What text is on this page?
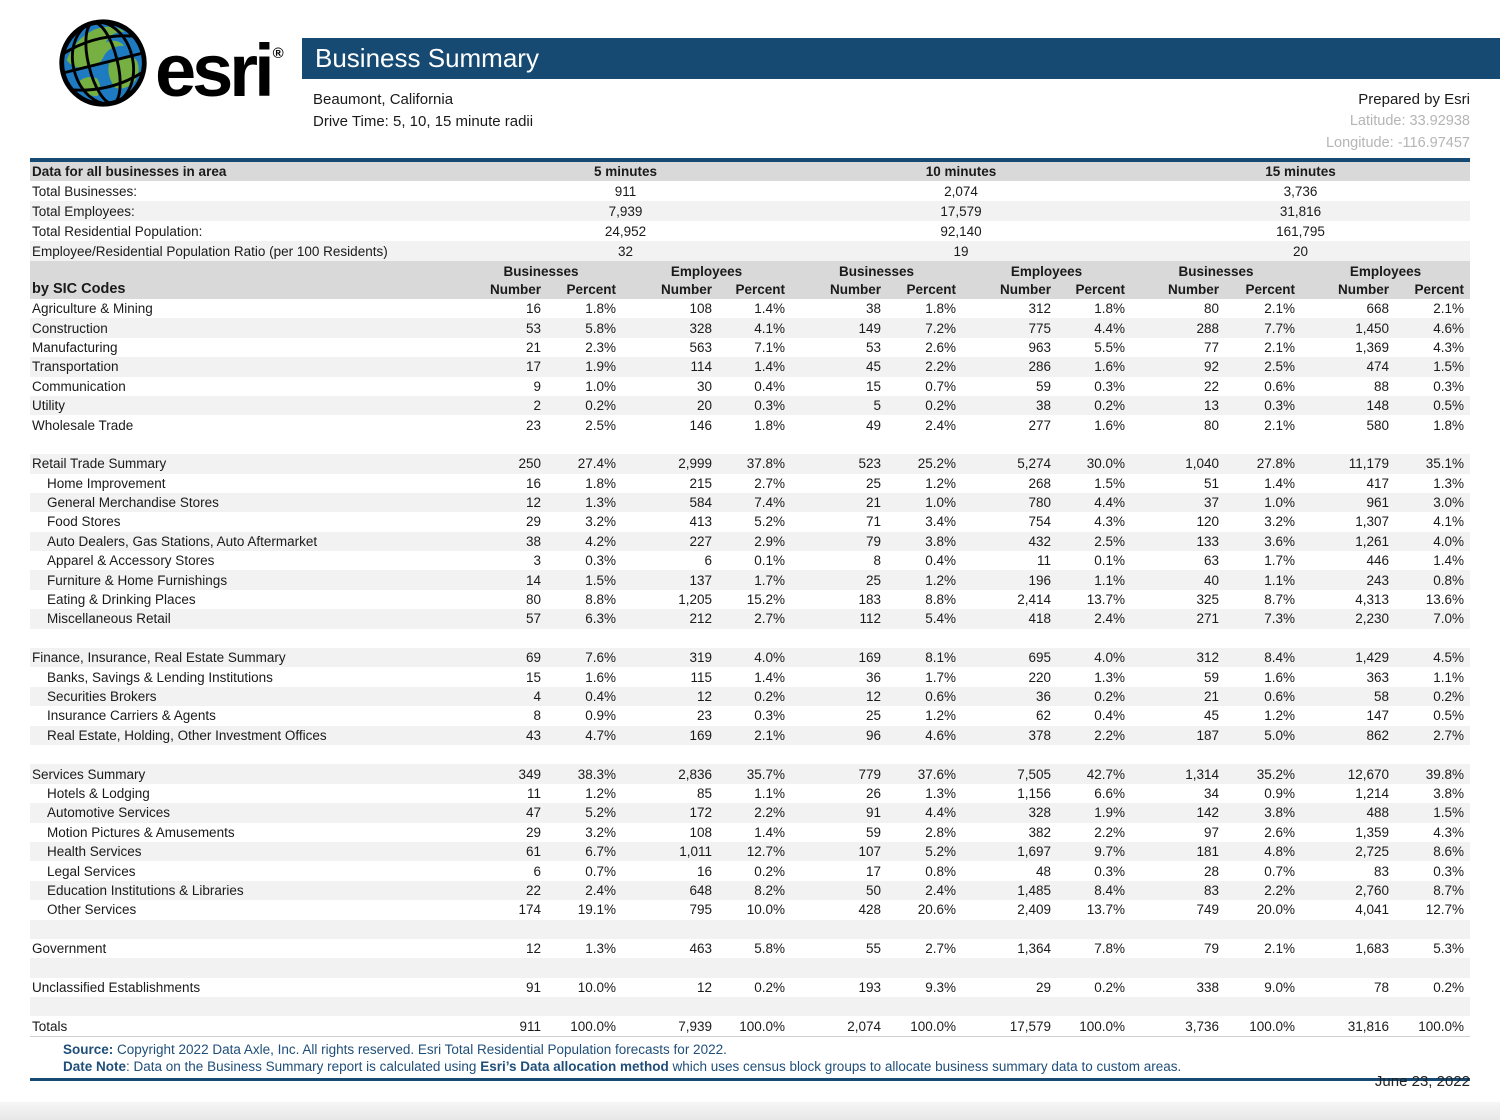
esri ® Business Summary
Beaumont, California
Drive Time: 5, 10, 15 minute radii
Prepared by Esri
Latitude: 33.92938
Longitude: -116.97457
Data for all businesses in area	5 minutes	10 minutes	15 minutes
Total Businesses:	911	2,074	3,736
Total Employees:	7,939	17,579	31,816
Total Residential Population:	24,952	92,140	161,795
Employee/Residential Population Ratio (per 100 Residents)	32	19	20
Businesses	Employees	Businesses	Employees	Businesses	Employees
by SIC Codes	Number	Percent	Number	Percent	Number	Percent	Number	Percent	Number	Percent	Number	Percent
Agriculture & Mining	16	1.8%	108	1.4%	38	1.8%	312	1.8%	80	2.1%	668	2.1%
Construction	53	5.8%	328	4.1%	149	7.2%	775	4.4%	288	7.7%	1,450	4.6%
Manufacturing	21	2.3%	563	7.1%	53	2.6%	963	5.5%	77	2.1%	1,369	4.3%
Transportation	17	1.9%	114	1.4%	45	2.2%	286	1.6%	92	2.5%	474	1.5%
Communication	9	1.0%	30	0.4%	15	0.7%	59	0.3%	22	0.6%	88	0.3%
Utility	2	0.2%	20	0.3%	5	0.2%	38	0.2%	13	0.3%	148	0.5%
Wholesale Trade	23	2.5%	146	1.8%	49	2.4%	277	1.6%	80	2.1%	580	1.8%
Retail Trade Summary	250	27.4%	2,999	37.8%	523	25.2%	5,274	30.0%	1,040	27.8%	11,179	35.1%
Home Improvement	16	1.8%	215	2.7%	25	1.2%	268	1.5%	51	1.4%	417	1.3%
General Merchandise Stores	12	1.3%	584	7.4%	21	1.0%	780	4.4%	37	1.0%	961	3.0%
Food Stores	29	3.2%	413	5.2%	71	3.4%	754	4.3%	120	3.2%	1,307	4.1%
Auto Dealers, Gas Stations, Auto Aftermarket	38	4.2%	227	2.9%	79	3.8%	432	2.5%	133	3.6%	1,261	4.0%
Apparel & Accessory Stores	3	0.3%	6	0.1%	8	0.4%	11	0.1%	63	1.7%	446	1.4%
Furniture & Home Furnishings	14	1.5%	137	1.7%	25	1.2%	196	1.1%	40	1.1%	243	0.8%
Eating & Drinking Places	80	8.8%	1,205	15.2%	183	8.8%	2,414	13.7%	325	8.7%	4,313	13.6%
Miscellaneous Retail	57	6.3%	212	2.7%	112	5.4%	418	2.4%	271	7.3%	2,230	7.0%
Finance, Insurance, Real Estate Summary	69	7.6%	319	4.0%	169	8.1%	695	4.0%	312	8.4%	1,429	4.5%
Banks, Savings & Lending Institutions	15	1.6%	115	1.4%	36	1.7%	220	1.3%	59	1.6%	363	1.1%
Securities Brokers	4	0.4%	12	0.2%	12	0.6%	36	0.2%	21	0.6%	58	0.2%
Insurance Carriers & Agents	8	0.9%	23	0.3%	25	1.2%	62	0.4%	45	1.2%	147	0.5%
Real Estate, Holding, Other Investment Offices	43	4.7%	169	2.1%	96	4.6%	378	2.2%	187	5.0%	862	2.7%
Services Summary	349	38.3%	2,836	35.7%	779	37.6%	7,505	42.7%	1,314	35.2%	12,670	39.8%
Hotels & Lodging	11	1.2%	85	1.1%	26	1.3%	1,156	6.6%	34	0.9%	1,214	3.8%
Automotive Services	47	5.2%	172	2.2%	91	4.4%	328	1.9%	142	3.8%	488	1.5%
Motion Pictures & Amusements	29	3.2%	108	1.4%	59	2.8%	382	2.2%	97	2.6%	1,359	4.3%
Health Services	61	6.7%	1,011	12.7%	107	5.2%	1,697	9.7%	181	4.8%	2,725	8.6%
Legal Services	6	0.7%	16	0.2%	17	0.8%	48	0.3%	28	0.7%	83	0.3%
Education Institutions & Libraries	22	2.4%	648	8.2%	50	2.4%	1,485	8.4%	83	2.2%	2,760	8.7%
Other Services	174	19.1%	795	10.0%	428	20.6%	2,409	13.7%	749	20.0%	4,041	12.7%
Government	12	1.3%	463	5.8%	55	2.7%	1,364	7.8%	79	2.1%	1,683	5.3%
Unclassified Establishments	91	10.0%	12	0.2%	193	9.3%	29	0.2%	338	9.0%	78	0.2%
Totals	911	100.0%	7,939	100.0%	2,074	100.0%	17,579	100.0%	3,736	100.0%	31,816	100.0%
Source: Copyright 2022 Data Axle, Inc. All rights reserved. Esri Total Residential Population forecasts for 2022.
Date Note: Data on the Business Summary report is calculated using Esri’s Data allocation method which uses census block groups to allocate business summary data to custom areas.
June 23, 2022
